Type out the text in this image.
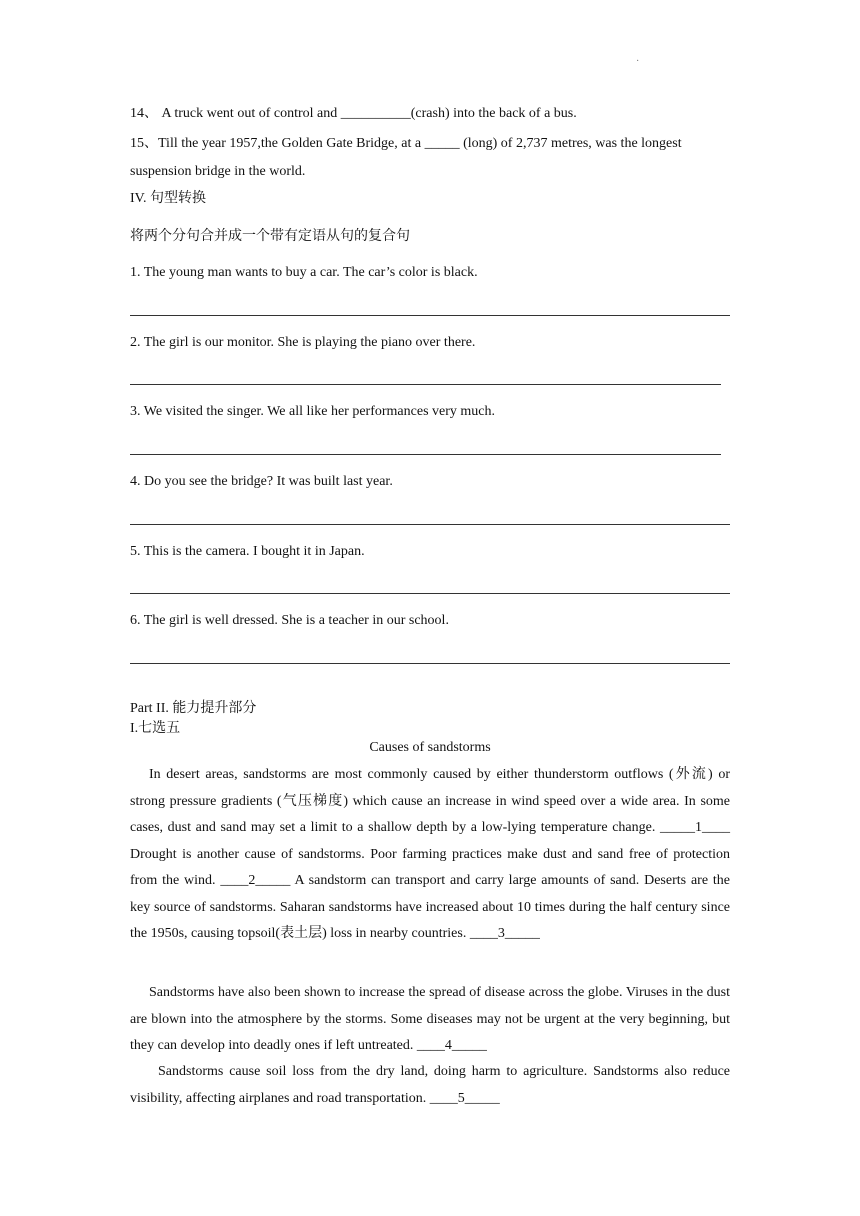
·
14、 A truck went out of control and __________(crash) into the back of a bus.
15、Till the year 1957,the Golden Gate Bridge, at a _____ (long) of 2,737 metres, was the longest
suspension bridge in the world.
IV. 句型转换
将两个分句合并成一个带有定语从句的复合句
1. The young man wants to buy a car. The car’s color is black.
2. The girl is our monitor. She is playing the piano over there.
3. We visited the singer. We all like her performances very much.
4. Do you see the bridge? It was built last year.
5. This is the camera. I bought it in Japan.
6. The girl is well dressed. She is a teacher in our school.
Part II. 能力提升部分
I.七选五
Causes of sandstorms
In desert areas, sandstorms are most commonly caused by either thunderstorm outflows (外流) or strong pressure gradients (气压梯度) which cause an increase in wind speed over a wide area. In some cases, dust and sand may set a limit to a shallow depth by a low-lying temperature change. _____1____ Drought is another cause of sandstorms. Poor farming practices make dust and sand free of protection from the wind. ____2_____ A sandstorm can transport and carry large amounts of sand. Deserts are the key source of sandstorms. Saharan sandstorms have increased about 10 times during the half century since the 1950s, causing topsoil(表土层) loss in nearby countries. ____3_____
Sandstorms have also been shown to increase the spread of disease across the globe. Viruses in the dust are blown into the atmosphere by the storms. Some diseases may not be urgent at the very beginning, but they can develop into deadly ones if left untreated. ____4_____
Sandstorms cause soil loss from the dry land, doing harm to agriculture. Sandstorms also reduce visibility, affecting airplanes and road transportation. ____5_____
